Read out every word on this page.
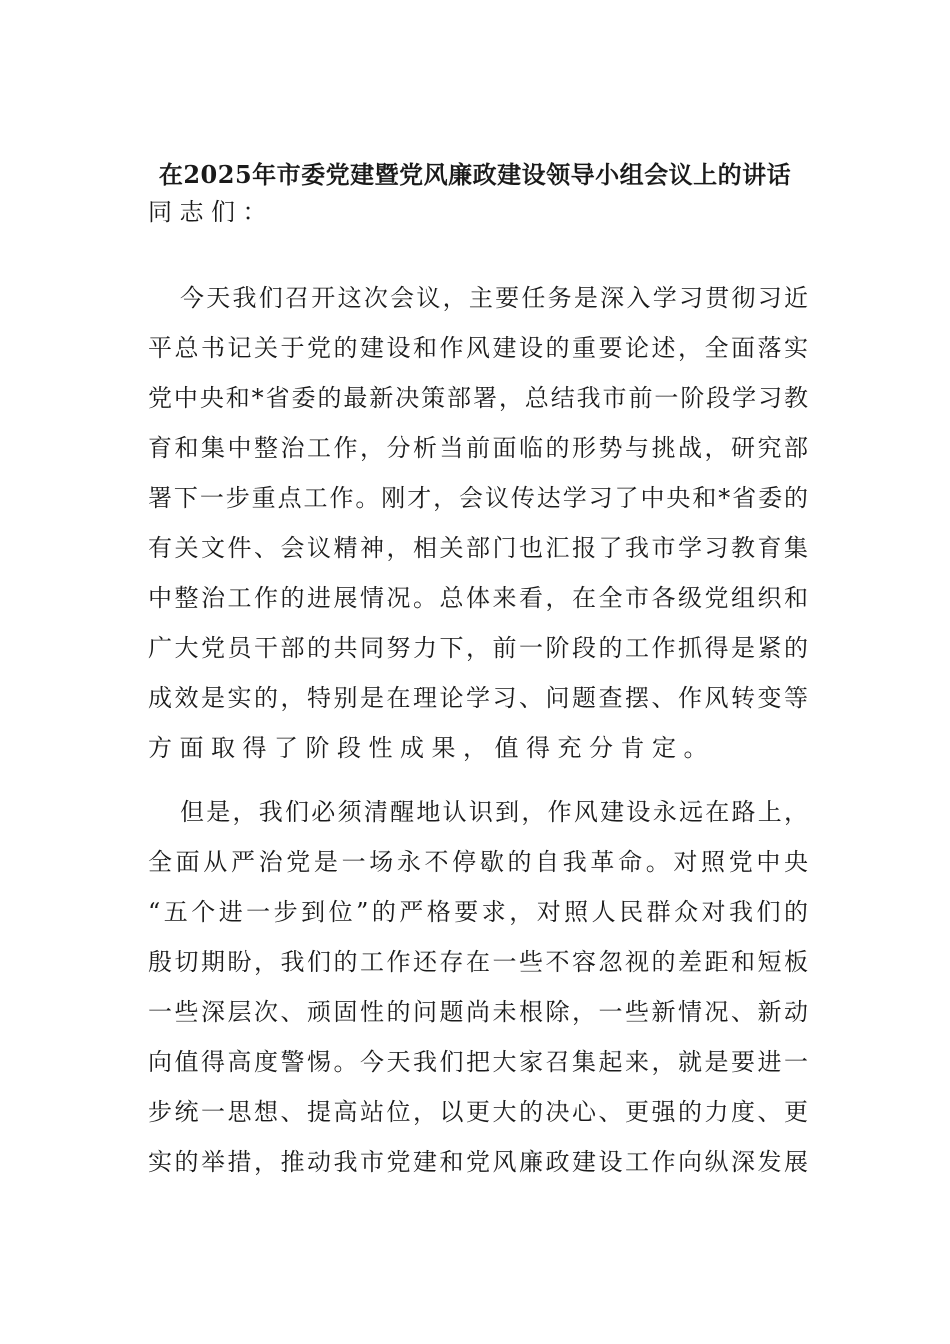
在2025年市委党建暨党风廉政建设领导小组会议上的讲话
同志们：
今天我们召开这次会议，主要任务是深入学习贯彻习近
平总书记关于党的建设和作风建设的重要论述，全面落实
党中央和*省委的最新决策部署，总结我市前一阶段学习教
育和集中整治工作，分析当前面临的形势与挑战，研究部
署下一步重点工作。刚才，会议传达学习了中央和*省委的
有关文件、会议精神，相关部门也汇报了我市学习教育集
中整治工作的进展情况。总体来看，在全市各级党组织和
广大党员干部的共同努力下，前一阶段的工作抓得是紧的
成效是实的，特别是在理论学习、问题查摆、作风转变等
方面取得了阶段性成果，值得充分肯定。
但是，我们必须清醒地认识到，作风建设永远在路上，
全面从严治党是一场永不停歇的自我革命。对照党中央
“五个进一步到位”的严格要求，对照人民群众对我们的
殷切期盼，我们的工作还存在一些不容忽视的差距和短板
一些深层次、顽固性的问题尚未根除，一些新情况、新动
向值得高度警惕。今天我们把大家召集起来，就是要进一
步统一思想、提高站位，以更大的决心、更强的力度、更
实的举措，推动我市党建和党风廉政建设工作向纵深发展
